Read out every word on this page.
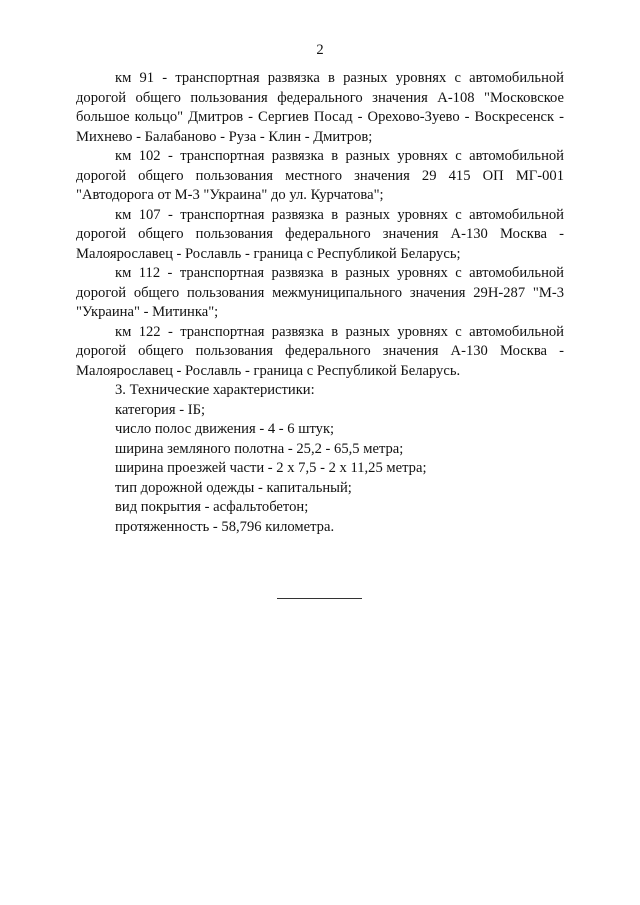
2

км 91 - транспортная развязка в разных уровнях с автомобильной дорогой общего пользования федерального значения А-108 "Московское большое кольцо" Дмитров - Сергиев Посад - Орехово-Зуево - Воскресенск - Михнево - Балабаново - Руза - Клин - Дмитров;

км 102 - транспортная развязка в разных уровнях с автомобильной дорогой общего пользования местного значения 29 415 ОП МГ-001 "Автодорога от М-3 "Украина" до ул. Курчатова";

км 107 - транспортная развязка в разных уровнях с автомобильной дорогой общего пользования федерального значения А-130 Москва - Малоярославец - Рославль - граница с Республикой Беларусь;

км 112 - транспортная развязка в разных уровнях с автомобильной дорогой общего пользования межмуниципального значения 29Н-287 "М-3 "Украина" - Митинка";

км 122 - транспортная развязка в разных уровнях с автомобильной дорогой общего пользования федерального значения А-130 Москва - Малоярославец - Рославль - граница с Республикой Беларусь.

3. Технические характеристики:

категория - IБ;

число полос движения - 4 - 6 штук;

ширина земляного полотна - 25,2 - 65,5 метра;

ширина проезжей части - 2 х 7,5 - 2 х 11,25 метра;

тип дорожной одежды - капитальный;

вид покрытия - асфальтобетон;

протяженность - 58,796 километра.
